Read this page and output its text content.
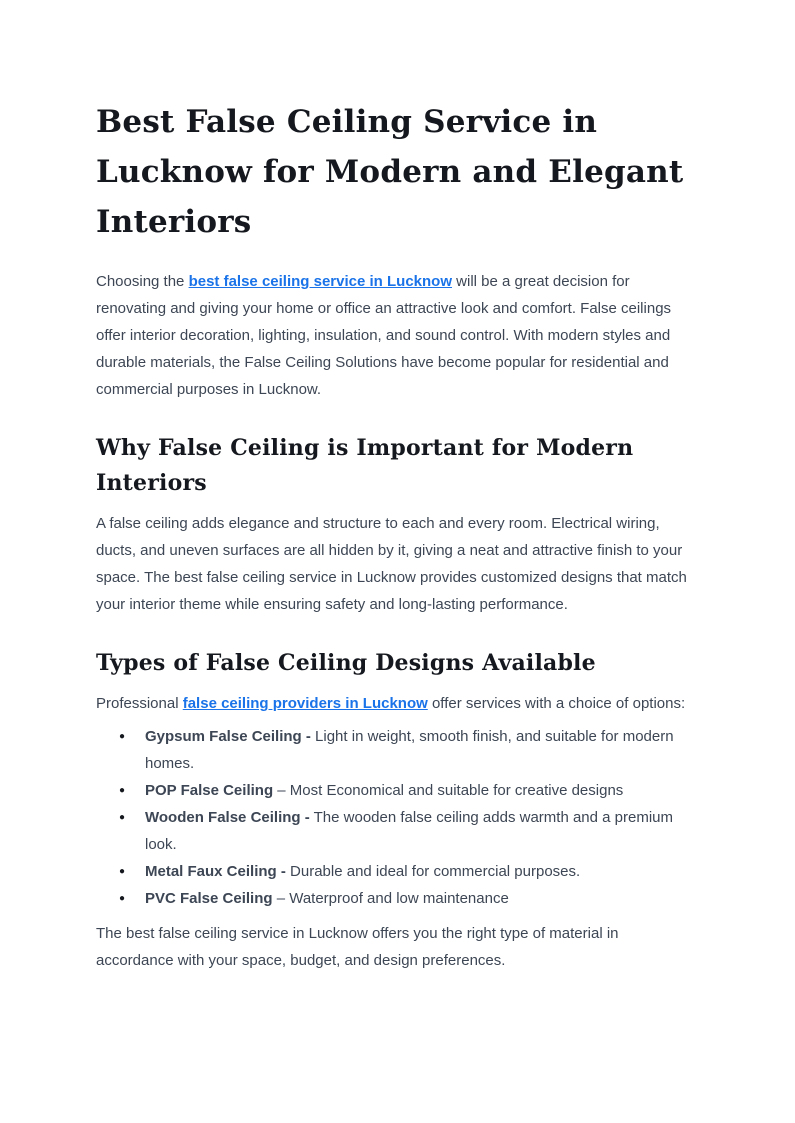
Best False Ceiling Service in Lucknow for Modern and Elegant Interiors

Choosing the best false ceiling service in Lucknow will be a great decision for renovating and giving your home or office an attractive look and comfort. False ceilings offer interior decoration, lighting, insulation, and sound control. With modern styles and durable materials, the False Ceiling Solutions have become popular for residential and commercial purposes in Lucknow.

Why False Ceiling is Important for Modern Interiors

A false ceiling adds elegance and structure to each and every room. Electrical wiring, ducts, and uneven surfaces are all hidden by it, giving a neat and attractive finish to your space. The best false ceiling service in Lucknow provides customized designs that match your interior theme while ensuring safety and long-lasting performance.

Types of False Ceiling Designs Available

Professional false ceiling providers in Lucknow offer services with a choice of options:

● Gypsum False Ceiling - Light in weight, smooth finish, and suitable for modern homes.
● POP False Ceiling – Most Economical and suitable for creative designs
● Wooden False Ceiling - The wooden false ceiling adds warmth and a premium look.
● Metal Faux Ceiling - Durable and ideal for commercial purposes.
● PVC False Ceiling – Waterproof and low maintenance

The best false ceiling service in Lucknow offers you the right type of material in accordance with your space, budget, and design preferences.
